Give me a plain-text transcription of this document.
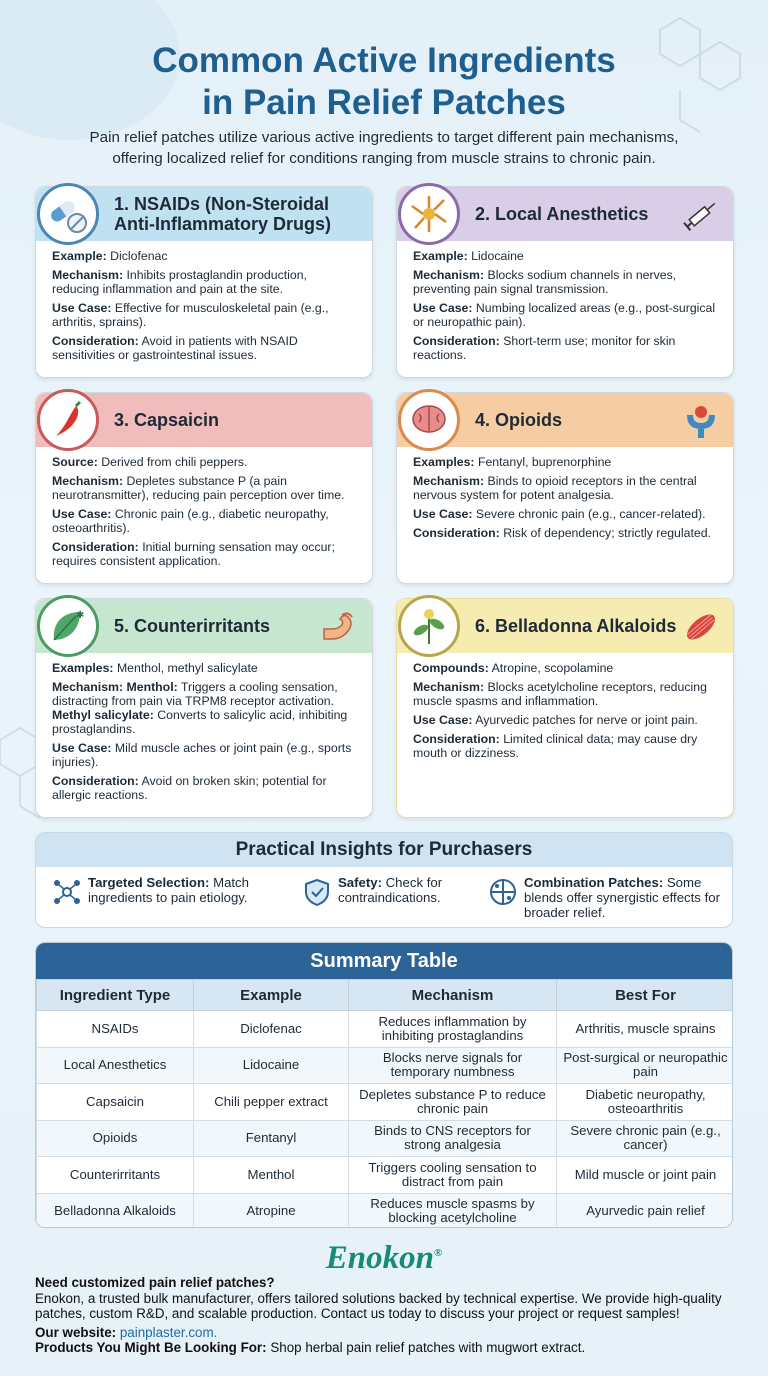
Common Active Ingredients
in Pain Relief Patches
Pain relief patches utilize various active ingredients to target different pain mechanisms,
offering localized relief for conditions ranging from muscle strains to chronic pain.
1. NSAIDs (Non-Steroidal
Anti-Inflammatory Drugs)

Example: Diclofenac

Mechanism: Inhibits prostaglandin production, reducing inflammation and pain at the site.

Use Case: Effective for musculoskeletal pain (e.g., arthritis, sprains).

Consideration: Avoid in patients with NSAID sensitivities or gastrointestinal issues.

2. Local Anesthetics

Example: Lidocaine

Mechanism: Blocks sodium channels in nerves, preventing pain signal transmission.

Use Case: Numbing localized areas (e.g., post-surgical or neuropathic pain).

Consideration: Short-term use; monitor for skin reactions.

3. Capsaicin

Source: Derived from chili peppers.

Mechanism: Depletes substance P (a pain neurotransmitter), reducing pain perception over time.

Use Case: Chronic pain (e.g., diabetic neuropathy, osteoarthritis).

Consideration: Initial burning sensation may occur; requires consistent application.

4. Opioids

Examples: Fentanyl, buprenorphine

Mechanism: Binds to opioid receptors in the central nervous system for potent analgesia.

Use Case: Severe chronic pain (e.g., cancer-related).

Consideration: Risk of dependency; strictly regulated.

✱
5. Counterirritants

Examples: Menthol, methyl salicylate

Mechanism: Menthol: Triggers a cooling sensation, distracting from pain via TRPM8 receptor activation.
Methyl salicylate: Converts to salicylic acid, inhibiting prostaglandins.

Use Case: Mild muscle aches or joint pain (e.g., sports injuries).

Consideration: Avoid on broken skin; potential for allergic reactions.

6. Belladonna Alkaloids

Compounds: Atropine, scopolamine

Mechanism: Blocks acetylcholine receptors, reducing muscle spasms and inflammation.

Use Case: Ayurvedic patches for nerve or joint pain.

Consideration: Limited clinical data; may cause dry mouth or dizziness.

Practical Insights for Purchasers
Targeted Selection: Match ingredients to pain etiology.
Safety: Check for contraindications.
Combination Patches: Some blends offer synergistic effects for broader relief.
Summary Table
Ingredient Type	Example	Mechanism	Best For
NSAIDs	Diclofenac	Reduces inflammation by inhibiting prostaglandins	Arthritis, muscle sprains
Local Anesthetics	Lidocaine	Blocks nerve signals for temporary numbness	Post-surgical or neuropathic pain
Capsaicin	Chili pepper extract	Depletes substance P to reduce chronic pain	Diabetic neuropathy, osteoarthritis
Opioids	Fentanyl	Binds to CNS receptors for strong analgesia	Severe chronic pain (e.g., cancer)
Counterirritants	Menthol	Triggers cooling sensation to distract from pain	Mild muscle or joint pain
Belladonna Alkaloids	Atropine	Reduces muscle spasms by blocking acetylcholine	Ayurvedic pain relief
Enokon®
Need customized pain relief patches?
Enokon, a trusted bulk manufacturer, offers tailored solutions backed by technical expertise. We provide high-quality patches, custom R&D, and scalable production. Contact us today to discuss your project or request samples!
Our website: painplaster.com.
Products You Might Be Looking For: Shop herbal pain relief patches with mugwort extract.
